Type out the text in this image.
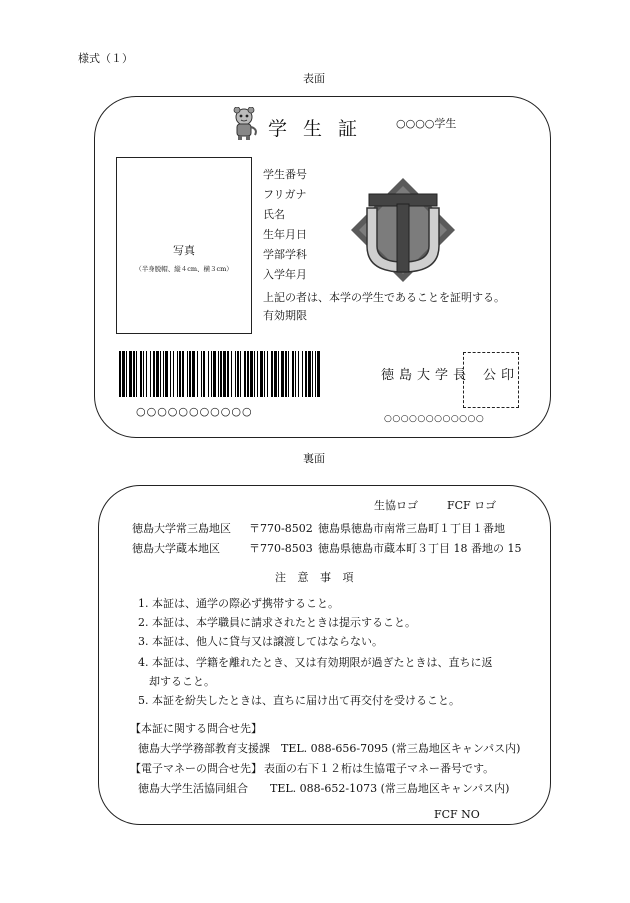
様式（１）
表面
学生証 ○○○○学生
写真
（半身脱帽、縦４cm、横３cm）
学生番号
フリガナ
氏名
生年月日
学部学科
入学年月
上記の者は、本学の学生であることを証明する。
有効期限
○○○○○○○○○○○
徳島大学長 公印
○○○○○○○○○○○○
裏面
生協ロゴ	FCF ロゴ
徳島大学常三島地区 〒770-8502 徳島県徳島市南常三島町１丁目１番地
徳島大学蔵本地区	〒770-8503 徳島県徳島市蔵本町３丁目 18 番地の 15
注 意 事 項
1. 本証は、通学の際必ず携帯すること。
2. 本証は、本学職員に請求されたときは提示すること。
3. 本証は、他人に貸与又は譲渡してはならない。
4. 本証は、学籍を離れたとき、又は有効期限が過ぎたときは、直ちに返
却すること。
5. 本証を紛失したときは、直ちに届け出て再交付を受けること。
【本証に関する問合せ先】
徳島大学学務部教育支援課　TEL. 088-656-7095 (常三島地区キャンパス内)
【電子マネーの問合せ先】 表面の右下１２桁は生協電子マネー番号です。
徳島大学生活協同組合　　TEL. 088-652-1073 (常三島地区キャンパス内)
FCF NO
